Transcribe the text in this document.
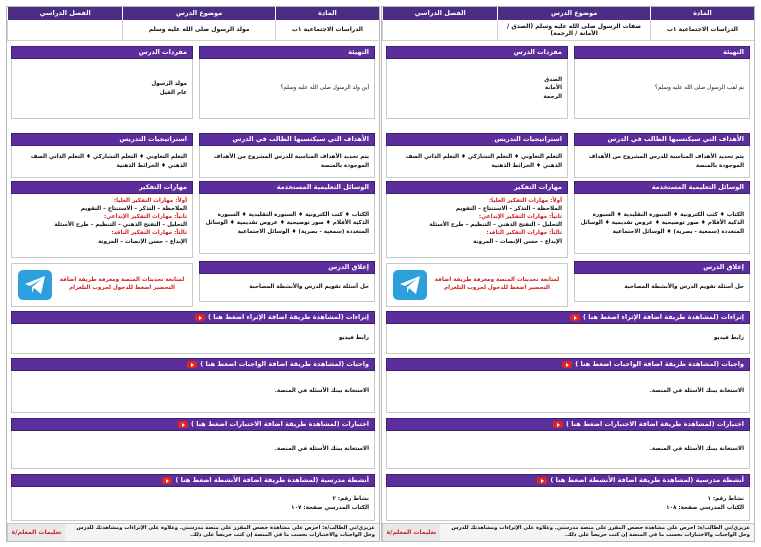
المادة
الدراسات الاجتماعية ١ب
موضوع الدرس
مولد الرسول صلى الله عليه وسلم
الفصل الدراسي
التهيئة
أين ولد الرسول صلى الله عليه وسلم؟
مفردات الدرس
مولد الرسول
عام الفيل
الأهداف التي سيكتسبها الطالب في الدرس
يتم تحديد الأهداف المناسبة للدرس المشروح من الأهداف الموجودة بالمنصة
استراتيجيات التدريس
التعلم التعاوني ♦ التعلم التشاركي ♦ التعلم الذاتي الصف الذهني ♦ الخرائط الذهنية
الوسائل التعليمية المستخدمة
الكتاب ♦ كتب الكترونية ♦ السبورة التقليدية ♦ السبورة الذكية الأقلام ♦ صور توضيحية ♦ عروض تقديمية ♦ الوسائل المتعددة (سمعية - بصرية) ♦ الوسائل الاجتماعية
مهارات التفكير
أولاً: مهارات التفكير العليا:
الملاحظة – التذكر – الاستنتاج – التقويم
ثانياً: مهارات التفكير الإبداعي:
التحليل – التفتح الذهني – التنظيم – طرح الأسئلة
ثالثاً: مهارات التفكير الناقد:
الإبداع – حسن الإنصات – المرونة
إغلاق الدرس
حل أسئلة تقويم الدرس والأنشطة المصاحبة
لمتابعة تحديثات المنصة ومعرفة طريقة اضافة التحضير اضغط للدخول لجروب التلغرام
إثراءات (لمشاهدة طريقة اضافة الإثراء اضغط هنا )
رابط فيديو
واجبات (لمشاهدة طريقة اضافة الواجبات اضغط هنا )
الاستعانة ببنك الأسئلة في المنصة.
اختبارات (لمشاهدة طريقة اضافة الاختبارات اضغط هنا )
الاستعانة ببنك الأسئلة في المنصة.
أنشطة مدرسية (لمشاهدة طريقة اضافة الأنشطة اضغط هنا )
نشاط رقم: ٢
الكتاب المدرسي صفحة: ١٠٧
عزيزي/تي الطالب/ة: احرص على مشاهدة حصص المقرر على منصة مدرستي. وعلاوة على الإثراءات ومشاهدتك للدرس وحل الواجبات والاختبارات بحسب ما في المنصة إن كنت حريصاً على ذلك.
تعليمات المعلم/ة
المادة
الدراسات الاجتماعية ١ب
موضوع الدرس
صفات الرسول صلى الله عليه وسلم (الصدق / الأمانة / الرحمة)
الفصل الدراسي
التهيئة
بم لقب الرسول صلى الله عليه وسلم؟
مفردات الدرس
الصدق
الأمانة
الرحمة
الأهداف التي سيكتسبها الطالب في الدرس
يتم تحديد الأهداف المناسبة للدرس المشروح من الأهداف الموجودة بالمنصة
استراتيجيات التدريس
التعلم التعاوني ♦ التعلم التشاركي ♦ التعلم الذاتي الصف الذهني ♦ الخرائط الذهنية
الوسائل التعليمية المستخدمة
الكتاب ♦ كتب الكترونية ♦ السبورة التقليدية ♦ السبورة الذكية الأقلام ♦ صور توضيحية ♦ عروض تقديمية ♦ الوسائل المتعددة (سمعية - بصرية) ♦ الوسائل الاجتماعية
مهارات التفكير
أولاً: مهارات التفكير العليا:
الملاحظة – التذكر – الاستنتاج – التقويم
ثانياً: مهارات التفكير الإبداعي:
التحليل – التفتح الذهني – التنظيم – طرح الأسئلة
ثالثاً: مهارات التفكير الناقد:
الإبداع – حسن الإنصات – المرونة
إغلاق الدرس
حل أسئلة تقويم الدرس والأنشطة المصاحبة
لمتابعة تحديثات المنصة ومعرفة طريقة اضافة التحضير اضغط للدخول لجروب التلغرام
إثراءات (لمشاهدة طريقة اضافة الإثراء اضغط هنا )
رابط فيديو
واجبات (لمشاهدة طريقة اضافة الواجبات اضغط هنا )
الاستعانة ببنك الأسئلة في المنصة.
اختبارات (لمشاهدة طريقة اضافة الاختبارات اضغط هنا )
الاستعانة ببنك الأسئلة في المنصة.
أنشطة مدرسية (لمشاهدة طريقة اضافة الأنشطة اضغط هنا )
نشاط رقم: ١
الكتاب المدرسي صفحة: ١٠٨
عزيزي/تي الطالب/ة: احرص على مشاهدة حصص المقرر على منصة مدرستي. وعلاوة على الإثراءات ومشاهدتك للدرس وحل الواجبات والاختبارات بحسب ما في المنصة إن كنت حريصاً على ذلك.
تعليمات المعلم/ة
